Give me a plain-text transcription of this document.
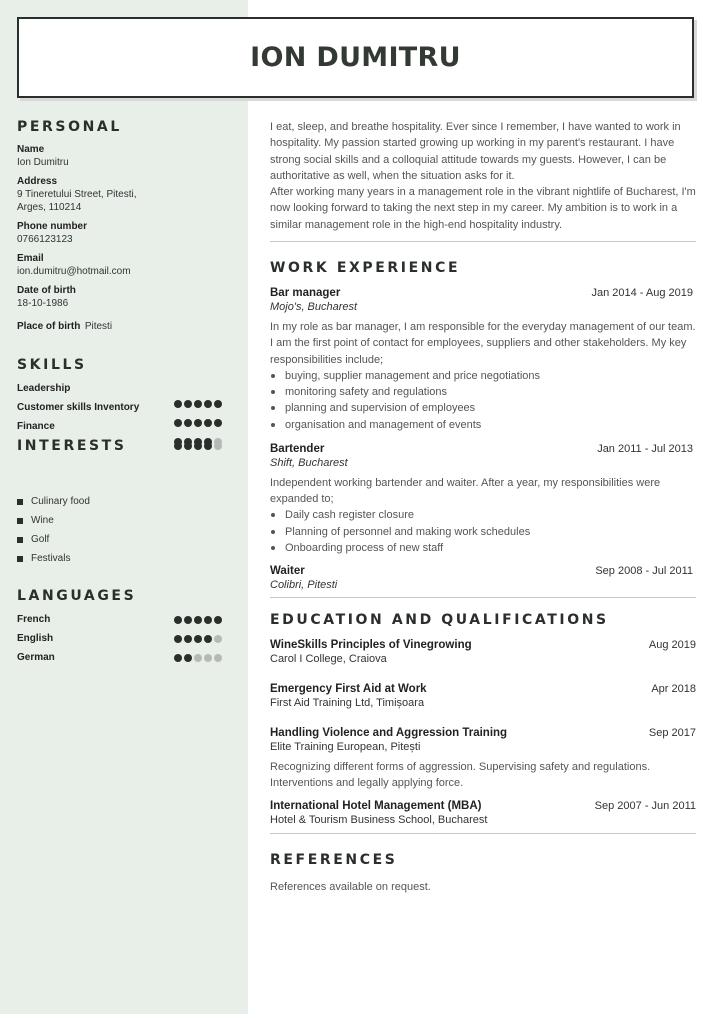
ION DUMITRU
PERSONAL
Name
Ion Dumitru
Address
9 Tineretului Street, Pitesti, Arges, 110214
Phone number
0766123123
Email
ion.dumitru@hotmail.com
Date of birth
18-10-1986
Place of birth Pitesti
SKILLS
Leadership
Customer skills Inventory
Finance
INTERESTS
Culinary food
Wine
Golf
Festivals
LANGUAGES
French
English
German

I eat, sleep, and breathe hospitality. Ever since I remember, I have wanted to work in hospitality. My passion started growing up working in my parent's restaurant. I have strong social skills and a colloquial attitude towards my guests. However, I can be authoritative as well, when the situation asks for it.

After working many years in a management role in the vibrant nightlife of Bucharest, I'm now looking forward to taking the next step in my career. My ambition is to work in a similar management role in the high-end hospitality industry.

WORK EXPERIENCE
Bar manager	Jan 2014 - Aug 2019
Mojo's, Bucharest

In my role as bar manager, I am responsible for the everyday management of our team. I am the first point of contact for employees, suppliers and other stakeholders. My key responsibilities include;

buying, supplier management and price negotiations
monitoring safety and regulations
planning and supervision of employees
organisation and management of events
Bartender	Jan 2011 - Jul 2013
Shift, Bucharest

Independent working bartender and waiter. After a year, my responsibilities were expanded to;

Daily cash register closure
Planning of personnel and making work schedules
Onboarding process of new staff
Waiter	Sep 2008 - Jul 2011
Colibri, Pitesti
EDUCATION AND QUALIFICATIONS
WineSkills Principles of Vinegrowing	Aug 2019
Carol I College, Craiova
Emergency First Aid at Work	Apr 2018
First Aid Training Ltd, Timișoara
Handling Violence and Aggression Training	Sep 2017
Elite Training European, Pitești

Recognizing different forms of aggression. Supervising safety and regulations. Interventions and legally applying force.

International Hotel Management (MBA)	Sep 2007 - Jun 2011
Hotel & Tourism Business School, Bucharest
REFERENCES

References available on request.
